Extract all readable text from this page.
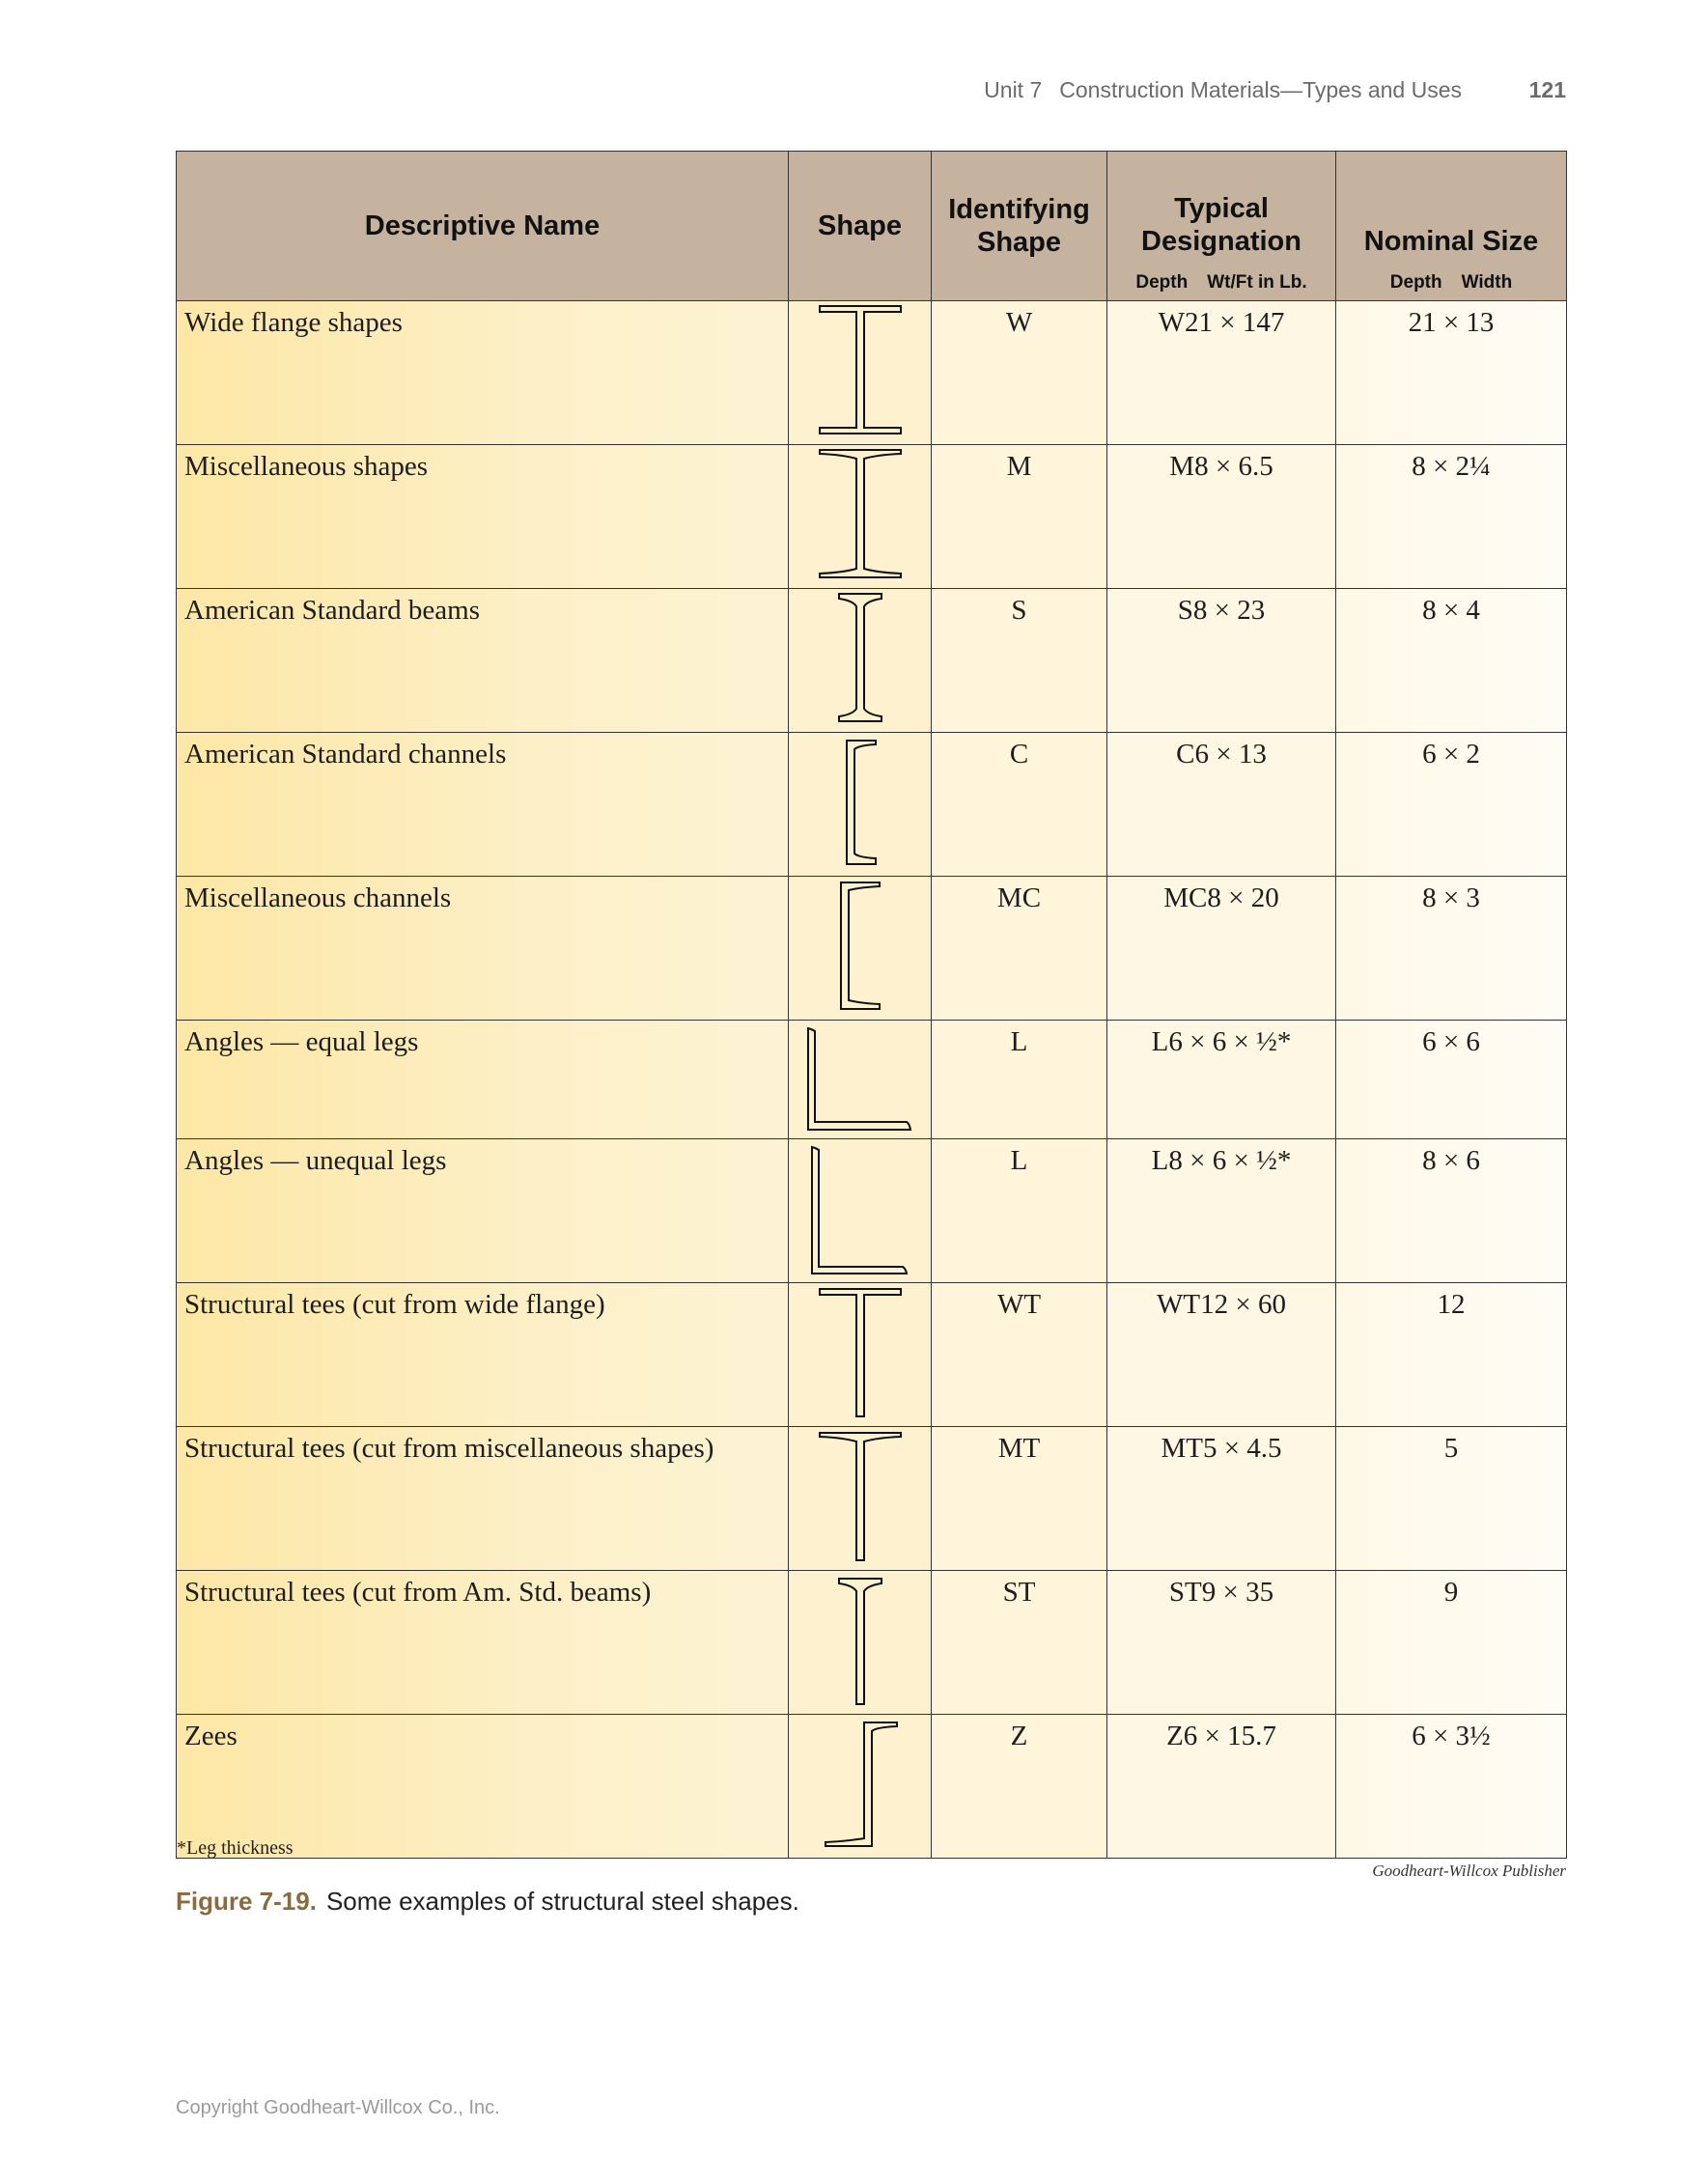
Unit 7 Construction Materials—Types and Uses	121
Descriptive Name	Shape	Identifying Shape	Typical Designation	Nominal Size
			Depth Wt/Ft in Lb.	Depth Width
Wide flange shapes		W	W21 × 147	21 × 13
Miscellaneous shapes		M	M8 × 6.5	8 × 2¼
American Standard beams		S	S8 × 23	8 × 4
American Standard channels		C	C6 × 13	6 × 2
Miscellaneous channels		MC	MC8 × 20	8 × 3
Angles — equal legs		L	L6 × 6 × ½*	6 × 6
Angles — unequal legs		L	L8 × 6 × ½*	8 × 6
Structural tees (cut from wide flange)		WT	WT12 × 60	12
Structural tees (cut from miscellaneous shapes)		MT	MT5 × 4.5	5
Structural tees (cut from Am. Std. beams)		ST	ST9 × 35	9
Zees		Z	Z6 × 15.7	6 × 3½
*Leg thickness
Goodheart-Willcox Publisher
Figure 7-19. Some examples of structural steel shapes.
Copyright Goodheart-Willcox Co., Inc.
